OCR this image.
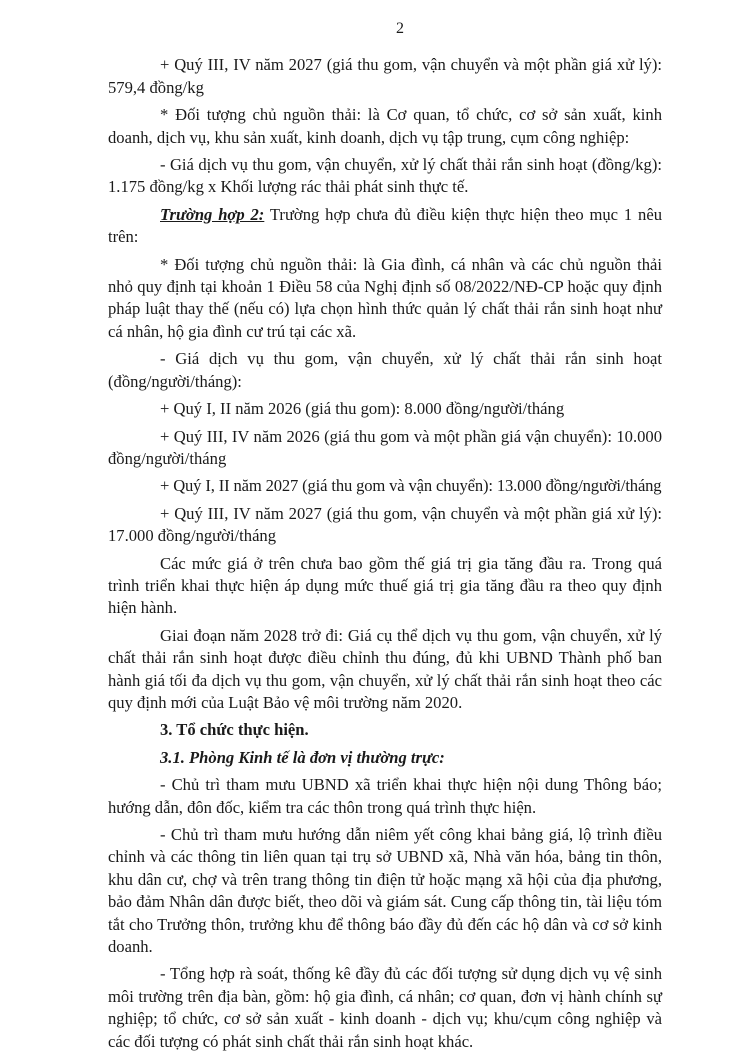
2

+ Quý III, IV năm 2027 (giá thu gom, vận chuyển và một phần giá xử lý): 579,4 đồng/kg

* Đối tượng chủ nguồn thải: là Cơ quan, tổ chức, cơ sở sản xuất, kinh doanh, dịch vụ, khu sản xuất, kinh doanh, dịch vụ tập trung, cụm công nghiệp:

- Giá dịch vụ thu gom, vận chuyển, xử lý chất thải rắn sinh hoạt (đồng/kg): 1.175 đồng/kg x Khối lượng rác thải phát sinh thực tế.

Trường hợp 2: Trường hợp chưa đủ điều kiện thực hiện theo mục 1 nêu trên:

* Đối tượng chủ nguồn thải: là Gia đình, cá nhân và các chủ nguồn thải nhỏ quy định tại khoản 1 Điều 58 của Nghị định số 08/2022/NĐ-CP hoặc quy định pháp luật thay thế (nếu có) lựa chọn hình thức quản lý chất thải rắn sinh hoạt như cá nhân, hộ gia đình cư trú tại các xã.

- Giá dịch vụ thu gom, vận chuyển, xử lý chất thải rắn sinh hoạt (đồng/người/tháng):

+ Quý I, II năm 2026 (giá thu gom): 8.000 đồng/người/tháng

+ Quý III, IV năm 2026 (giá thu gom và một phần giá vận chuyển): 10.000 đồng/người/tháng

+ Quý I, II năm 2027 (giá thu gom và vận chuyển): 13.000 đồng/người/tháng

+ Quý III, IV năm 2027 (giá thu gom, vận chuyển và một phần giá xử lý): 17.000 đồng/người/tháng

Các mức giá ở trên chưa bao gồm thế giá trị gia tăng đầu ra. Trong quá trình triển khai thực hiện áp dụng mức thuế giá trị gia tăng đầu ra theo quy định hiện hành.

Giai đoạn năm 2028 trở đi: Giá cụ thể dịch vụ thu gom, vận chuyển, xử lý chất thải rắn sinh hoạt được điều chỉnh thu đúng, đủ khi UBND Thành phố ban hành giá tối đa dịch vụ thu gom, vận chuyển, xử lý chất thải rắn sinh hoạt theo các quy định mới của Luật Bảo vệ môi trường năm 2020.

3. Tổ chức thực hiện.
3.1. Phòng Kinh tế là đơn vị thường trực:

- Chủ trì tham mưu UBND xã triển khai thực hiện nội dung Thông báo; hướng dẫn, đôn đốc, kiểm tra các thôn trong quá trình thực hiện.

- Chủ trì tham mưu hướng dẫn niêm yết công khai bảng giá, lộ trình điều chỉnh và các thông tin liên quan tại trụ sở UBND xã, Nhà văn hóa, bảng tin thôn, khu dân cư, chợ và trên trang thông tin điện tử hoặc mạng xã hội của địa phương, bảo đảm Nhân dân được biết, theo dõi và giám sát. Cung cấp thông tin, tài liệu tóm tắt cho Trưởng thôn, trưởng khu để thông báo đầy đủ đến các hộ dân và cơ sở kinh doanh.

- Tổng hợp rà soát, thống kê đầy đủ các đối tượng sử dụng dịch vụ vệ sinh môi trường trên địa bàn, gồm: hộ gia đình, cá nhân; cơ quan, đơn vị hành chính sự nghiệp; tổ chức, cơ sở sản xuất - kinh doanh - dịch vụ; khu/cụm công nghiệp và các đối tượng có phát sinh chất thải rắn sinh hoạt khác.
